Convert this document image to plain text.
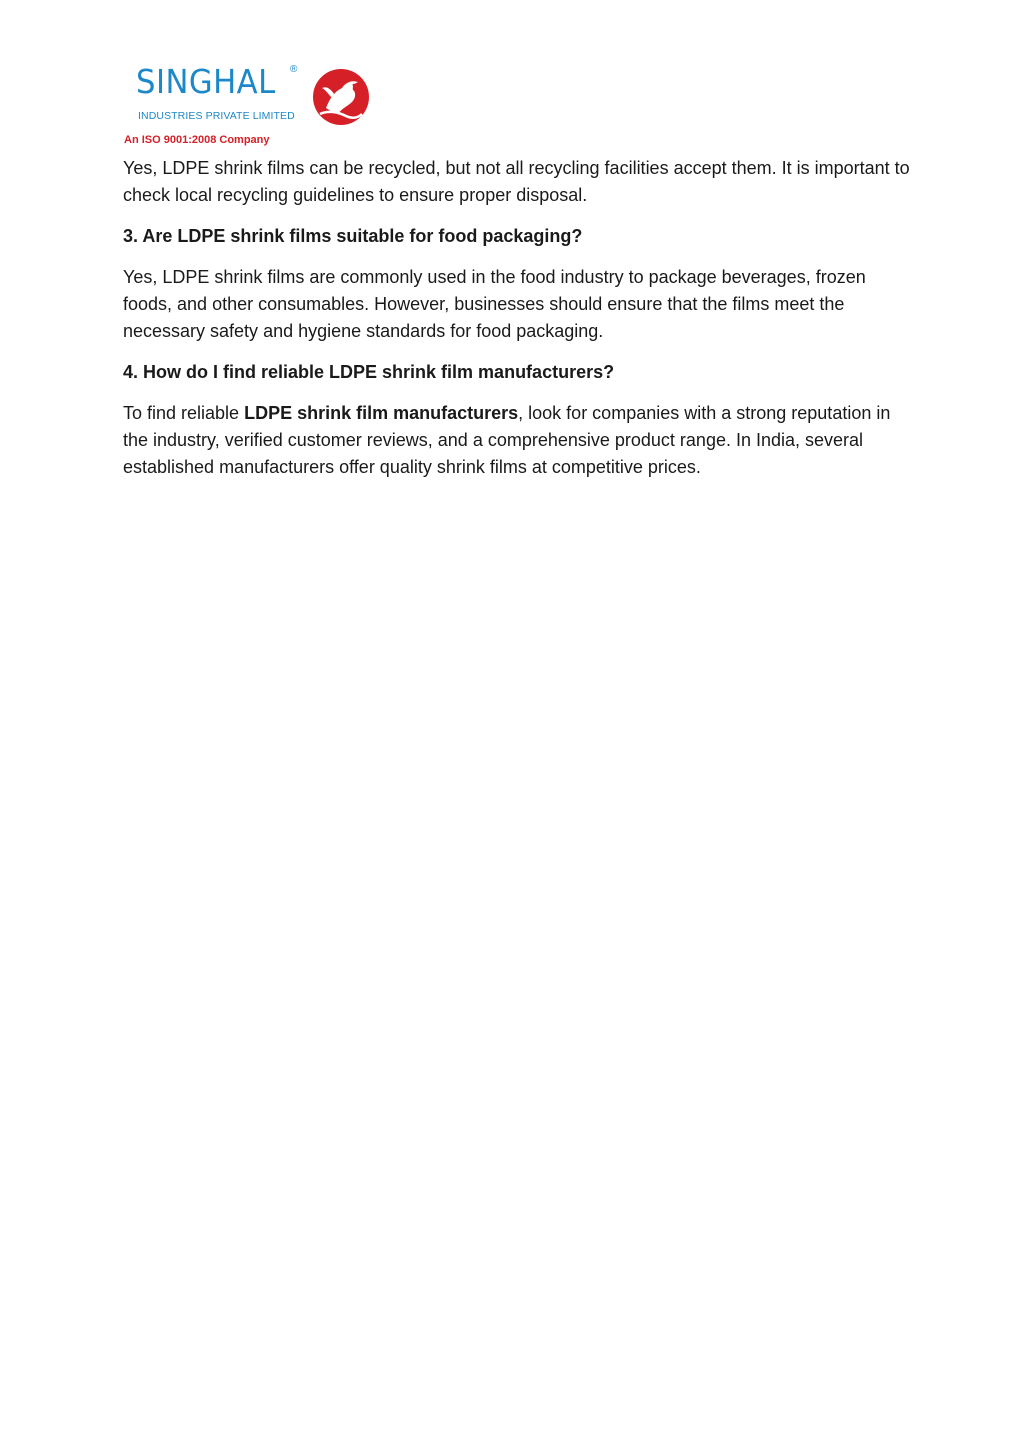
SINGHAL ®
INDUSTRIES PRIVATE LIMITED
An ISO 9001:2008 Company

Yes, LDPE shrink films can be recycled, but not all recycling facilities accept them. It is important to check local recycling guidelines to ensure proper disposal.

3. Are LDPE shrink films suitable for food packaging?

Yes, LDPE shrink films are commonly used in the food industry to package beverages, frozen foods, and other consumables. However, businesses should ensure that the films meet the necessary safety and hygiene standards for food packaging.

4. How do I find reliable LDPE shrink film manufacturers?

To find reliable LDPE shrink film manufacturers, look for companies with a strong reputation in the industry, verified customer reviews, and a comprehensive product range. In India, several established manufacturers offer quality shrink films at competitive prices.
